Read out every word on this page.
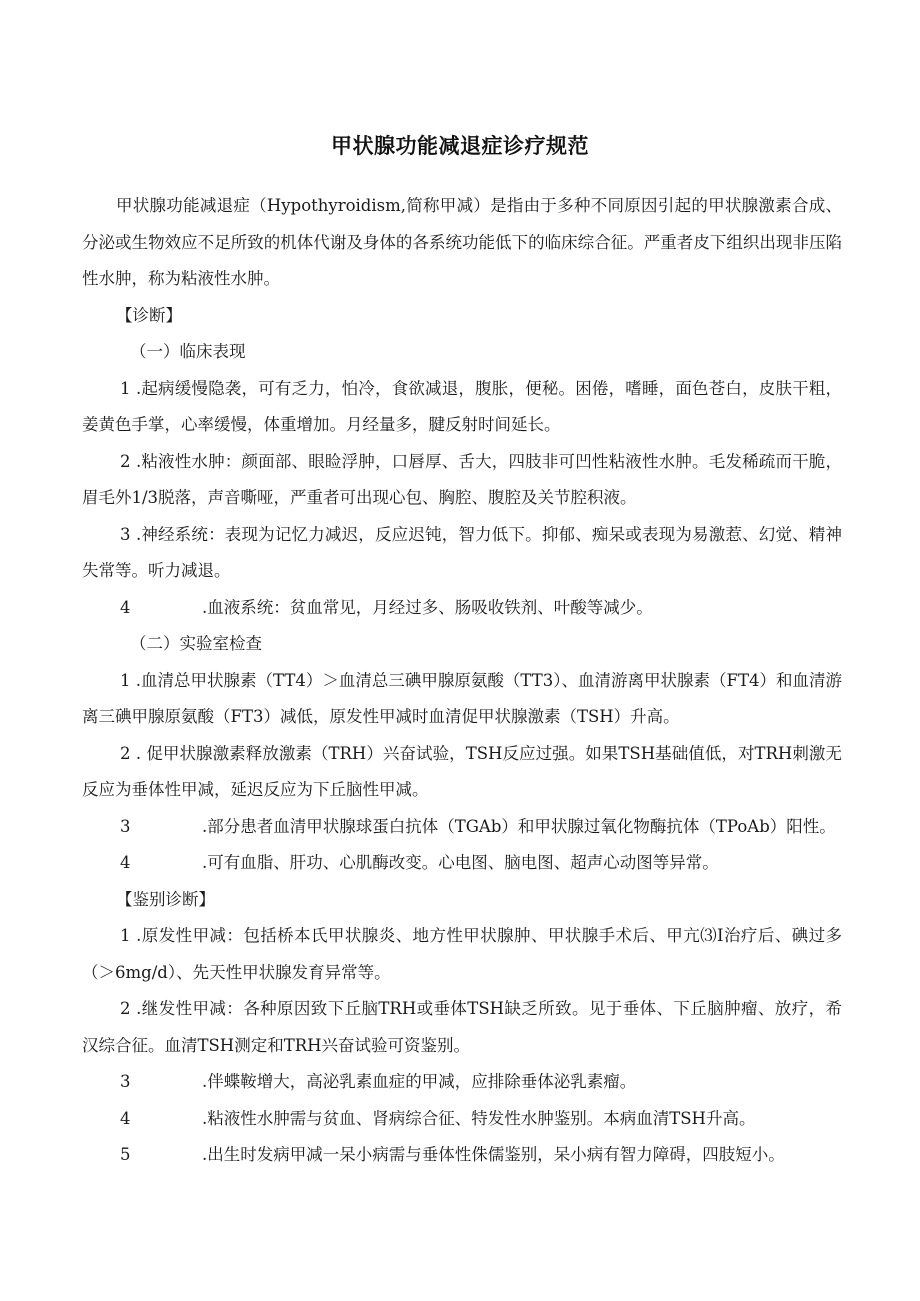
甲状腺功能减退症诊疗规范

甲状腺功能减退症（Hypothyroidism,简称甲减）是指由于多种不同原因引起的甲状腺激素合成、分泌或生物效应不足所致的机体代谢及身体的各系统功能低下的临床综合征。严重者皮下组织出现非压陷性水肿，称为粘液性水肿。

【诊断】

（一）临床表现

1 .起病缓慢隐袭，可有乏力，怕冷，食欲减退，腹胀，便秘。困倦，嗜睡，面色苍白，皮肤干粗，姜黄色手掌，心率缓慢，体重增加。月经量多，腱反射时间延长。

2 .粘液性水肿：颜面部、眼睑浮肿，口唇厚、舌大，四肢非可凹性粘液性水肿。毛发稀疏而干脆，眉毛外1/3脱落，声音嘶哑，严重者可出现心包、胸腔、腹腔及关节腔积液。

3 .神经系统：表现为记忆力减迟，反应迟钝，智力低下。抑郁、痴呆或表现为易激惹、幻觉、精神失常等。听力减退。

4	.血液系统：贫血常见，月经过多、肠吸收铁剂、叶酸等减少。

（二）实验室检查

1 .血清总甲状腺素（TT4）＞血清总三碘甲腺原氨酸（TT3）、血清游离甲状腺素（FT4）和血清游离三碘甲腺原氨酸（FT3）减低，原发性甲减时血清促甲状腺激素（TSH）升高。

2 . 促甲状腺激素释放激素（TRH）兴奋试验，TSH反应过强。如果TSH基础值低，对TRH刺激无反应为垂体性甲减，延迟反应为下丘脑性甲减。

3	.部分患者血清甲状腺球蛋白抗体（TGAb）和甲状腺过氧化物酶抗体（TPoAb）阳性。

4	.可有血脂、肝功、心肌酶改变。心电图、脑电图、超声心动图等异常。

【鉴别诊断】

1 .原发性甲减：包括桥本氏甲状腺炎、地方性甲状腺肿、甲状腺手术后、甲亢⑶I治疗后、碘过多（＞6mg/d）、先天性甲状腺发育异常等。

2 .继发性甲减：各种原因致下丘脑TRH或垂体TSH缺乏所致。见于垂体、下丘脑肿瘤、放疗，希汉综合征。血清TSH测定和TRH兴奋试验可资鉴别。

3	.伴蝶鞍增大，高泌乳素血症的甲减，应排除垂体泌乳素瘤。

4	.粘液性水肿需与贫血、肾病综合征、特发性水肿鉴别。本病血清TSH升高。

5	.出生时发病甲减一呆小病需与垂体性侏儒鉴别，呆小病有智力障碍，四肢短小。
